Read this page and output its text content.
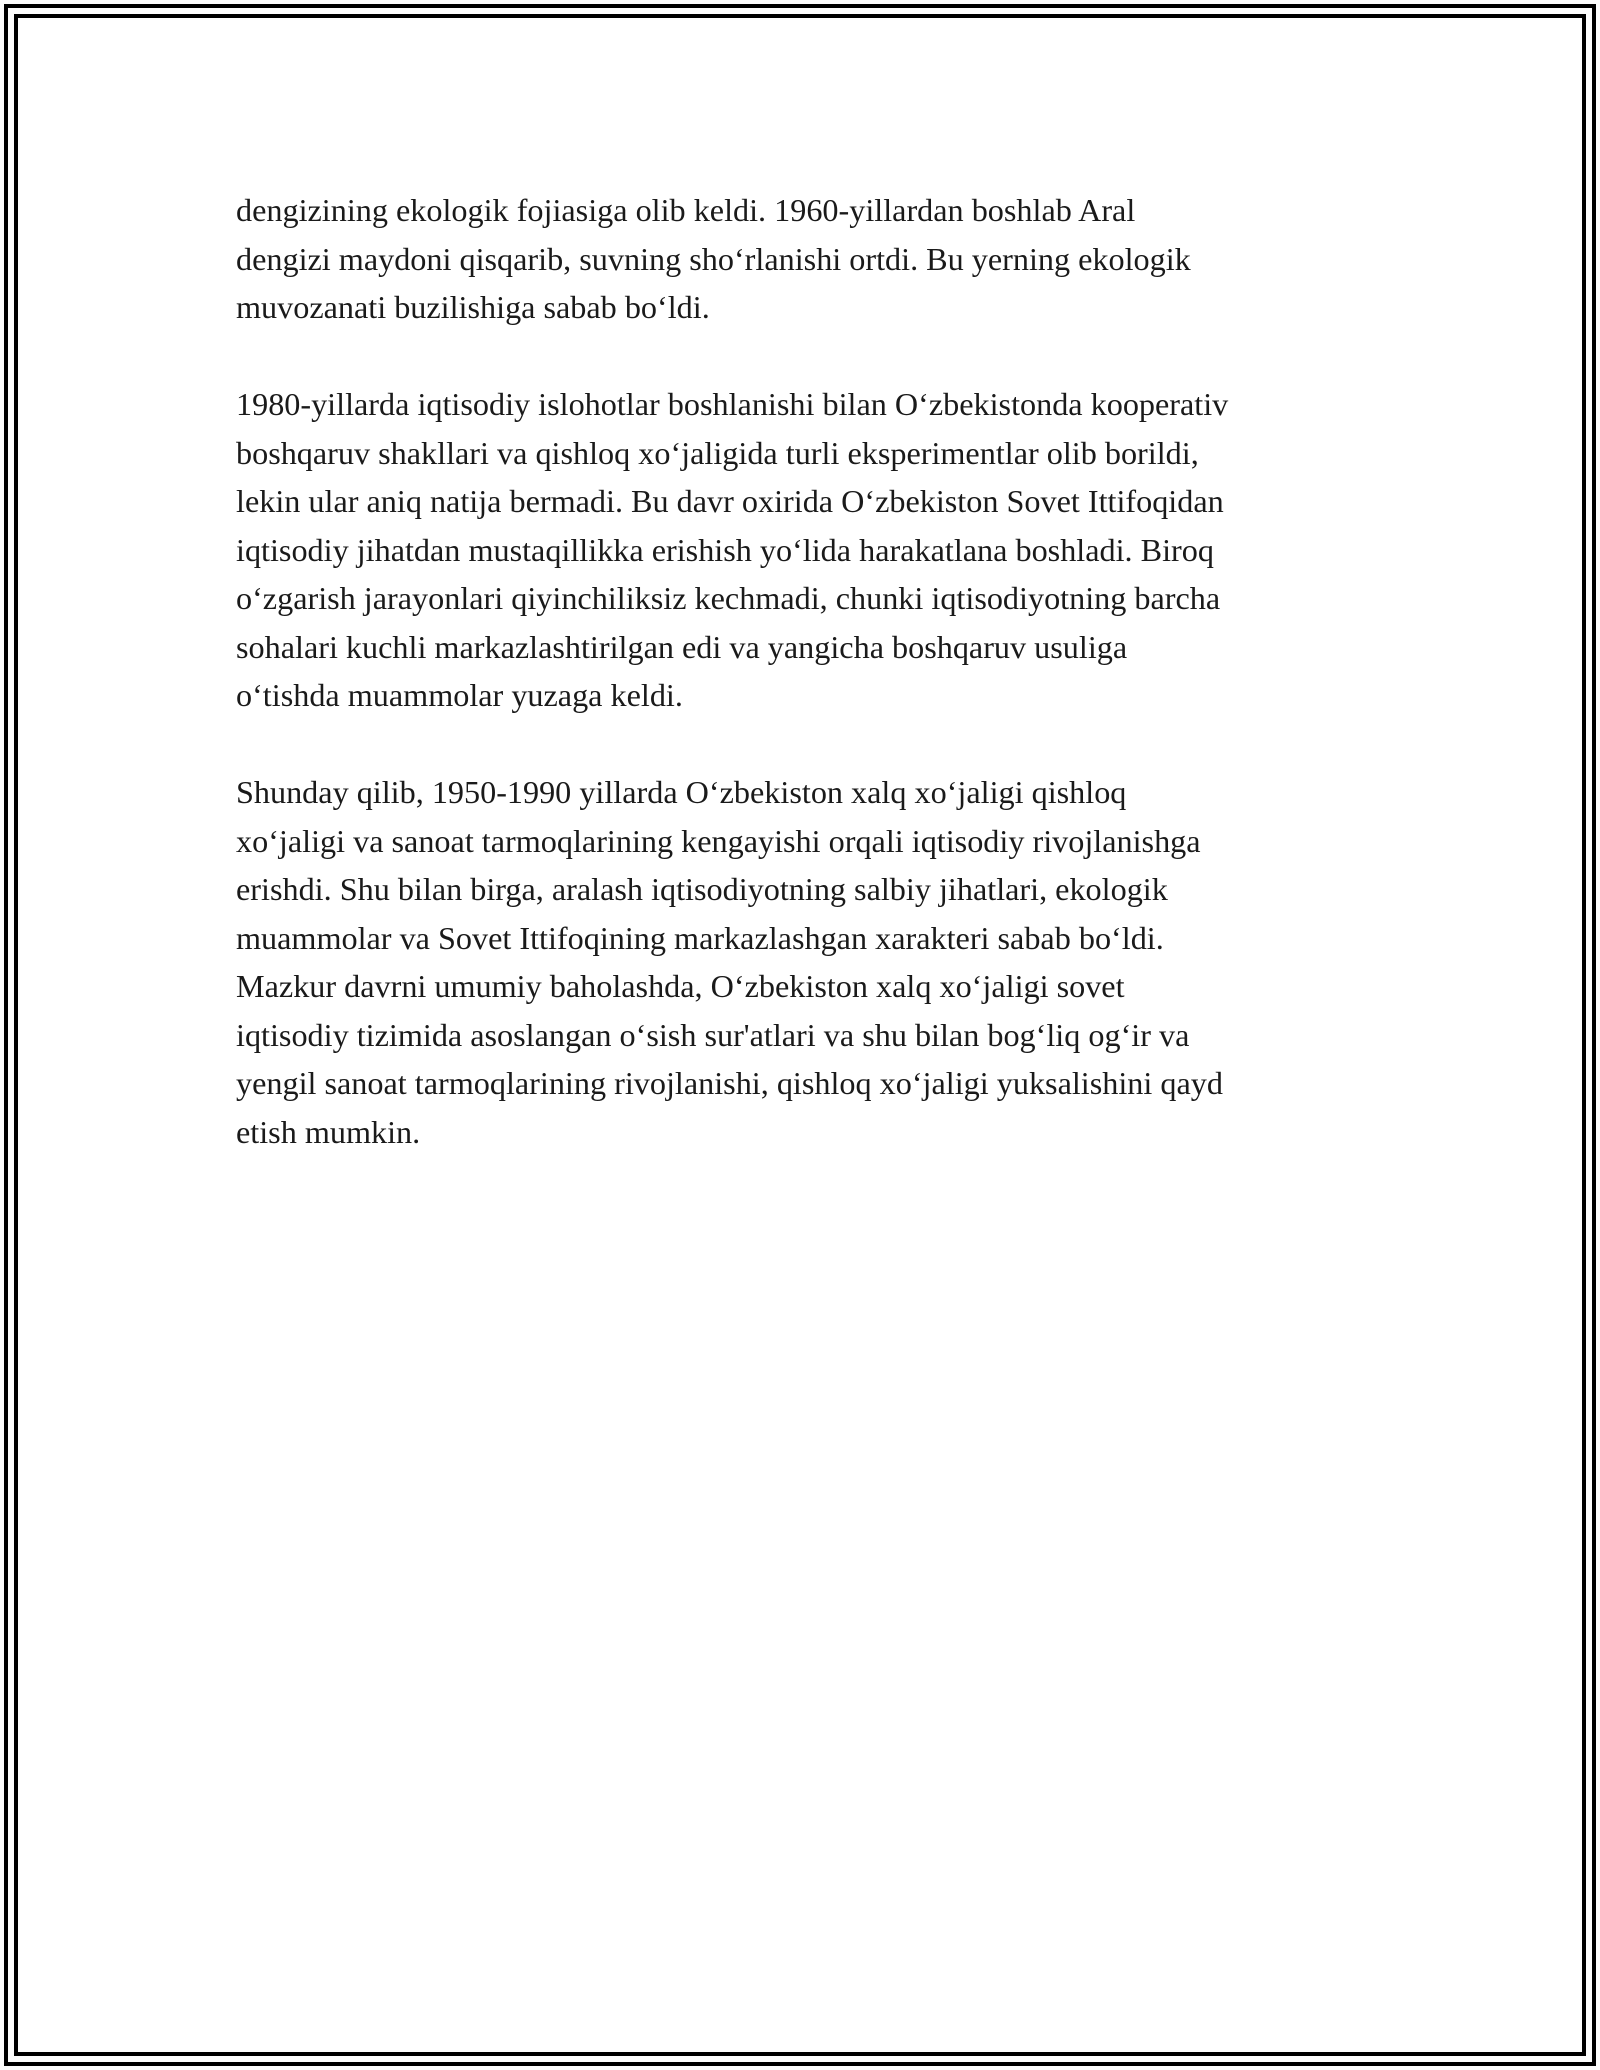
dengizining ekologik fojiasiga olib keldi. 1960-yillardan boshlab Aral
dengizi maydoni qisqarib, suvning sho‘rlanishi ortdi. Bu yerning ekologik
muvozanati buzilishiga sabab bo‘ldi.

1980-yillarda iqtisodiy islohotlar boshlanishi bilan O‘zbekistonda kooperativ
boshqaruv shakllari va qishloq xo‘jaligida turli eksperimentlar olib borildi,
lekin ular aniq natija bermadi. Bu davr oxirida O‘zbekiston Sovet Ittifoqidan
iqtisodiy jihatdan mustaqillikka erishish yo‘lida harakatlana boshladi. Biroq
o‘zgarish jarayonlari qiyinchiliksiz kechmadi, chunki iqtisodiyotning barcha
sohalari kuchli markazlashtirilgan edi va yangicha boshqaruv usuliga
o‘tishda muammolar yuzaga keldi.

Shunday qilib, 1950-1990 yillarda O‘zbekiston xalq xo‘jaligi qishloq
xo‘jaligi va sanoat tarmoqlarining kengayishi orqali iqtisodiy rivojlanishga
erishdi. Shu bilan birga, aralash iqtisodiyotning salbiy jihatlari, ekologik
muammolar va Sovet Ittifoqining markazlashgan xarakteri sabab bo‘ldi.
Mazkur davrni umumiy baholashda, O‘zbekiston xalq xo‘jaligi sovet
iqtisodiy tizimida asoslangan o‘sish sur'atlari va shu bilan bog‘liq og‘ir va
yengil sanoat tarmoqlarining rivojlanishi, qishloq xo‘jaligi yuksalishini qayd
etish mumkin.
